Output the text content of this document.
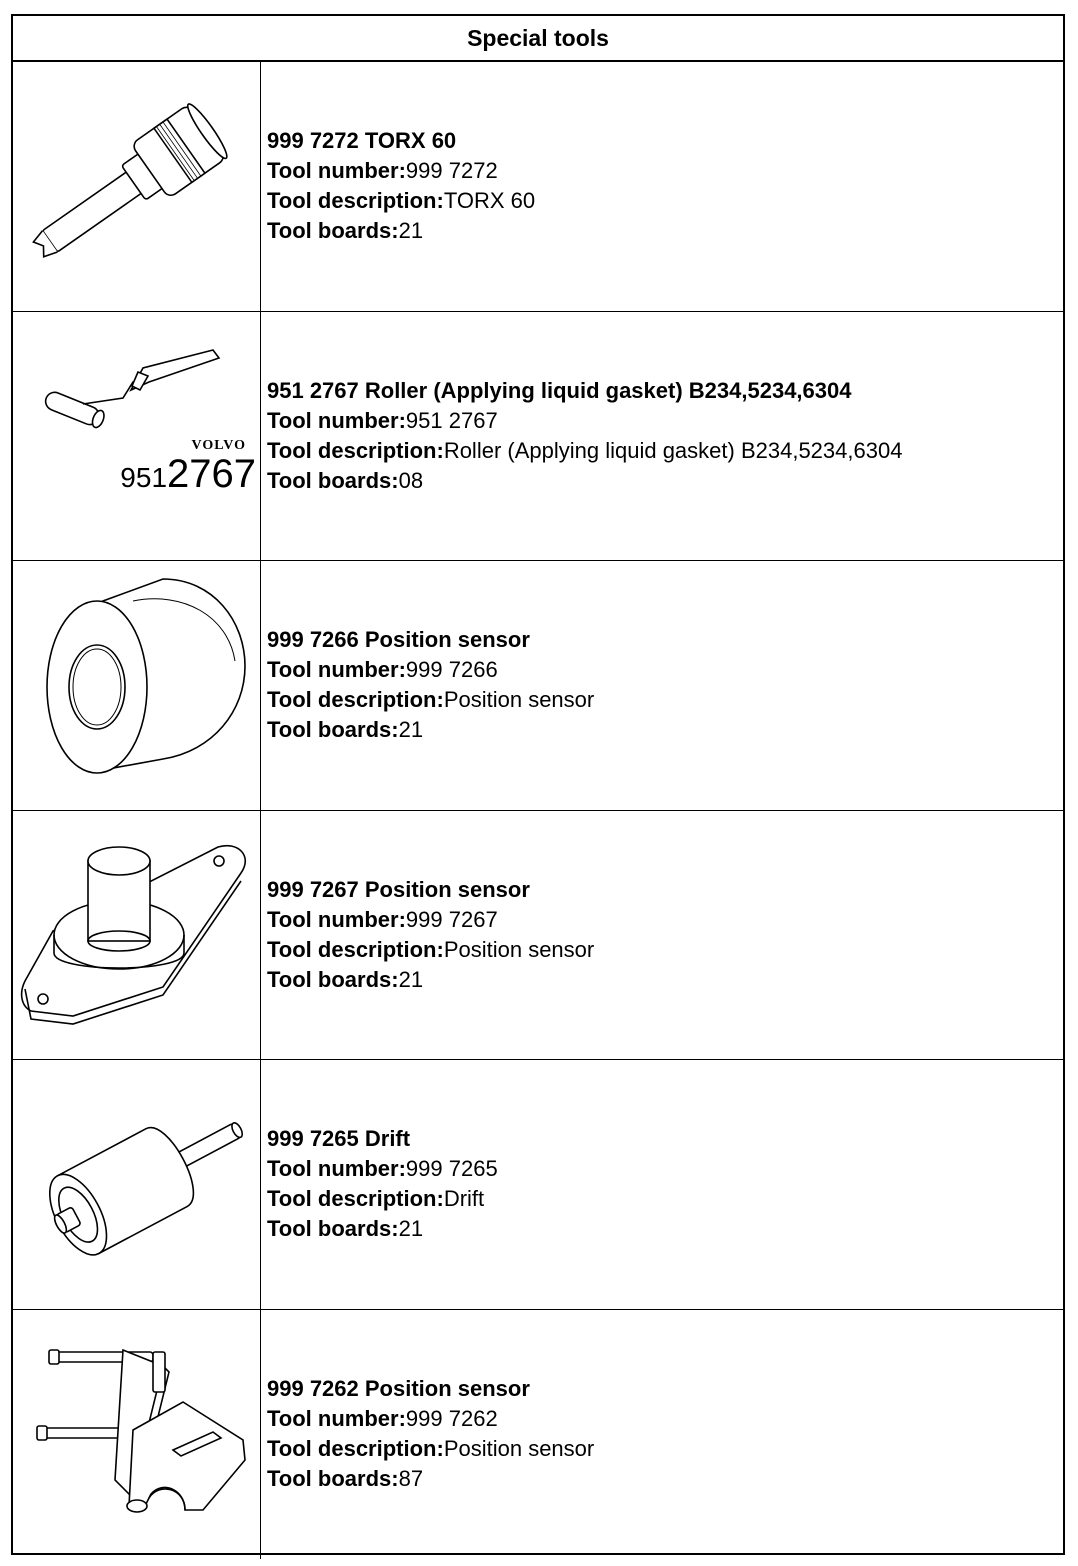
Special tools
999 7272 TORX 60
Tool number:999 7272
Tool description:TORX 60
Tool boards:21
VOLVO
9512767
951 2767 Roller (Applying liquid gasket) B234,5234,6304
Tool number:951 2767
Tool description:Roller (Applying liquid gasket) B234,5234,6304
Tool boards:08
999 7266 Position sensor
Tool number:999 7266
Tool description:Position sensor
Tool boards:21
999 7267 Position sensor
Tool number:999 7267
Tool description:Position sensor
Tool boards:21
999 7265 Drift
Tool number:999 7265
Tool description:Drift
Tool boards:21
999 7262 Position sensor
Tool number:999 7262
Tool description:Position sensor
Tool boards:87
